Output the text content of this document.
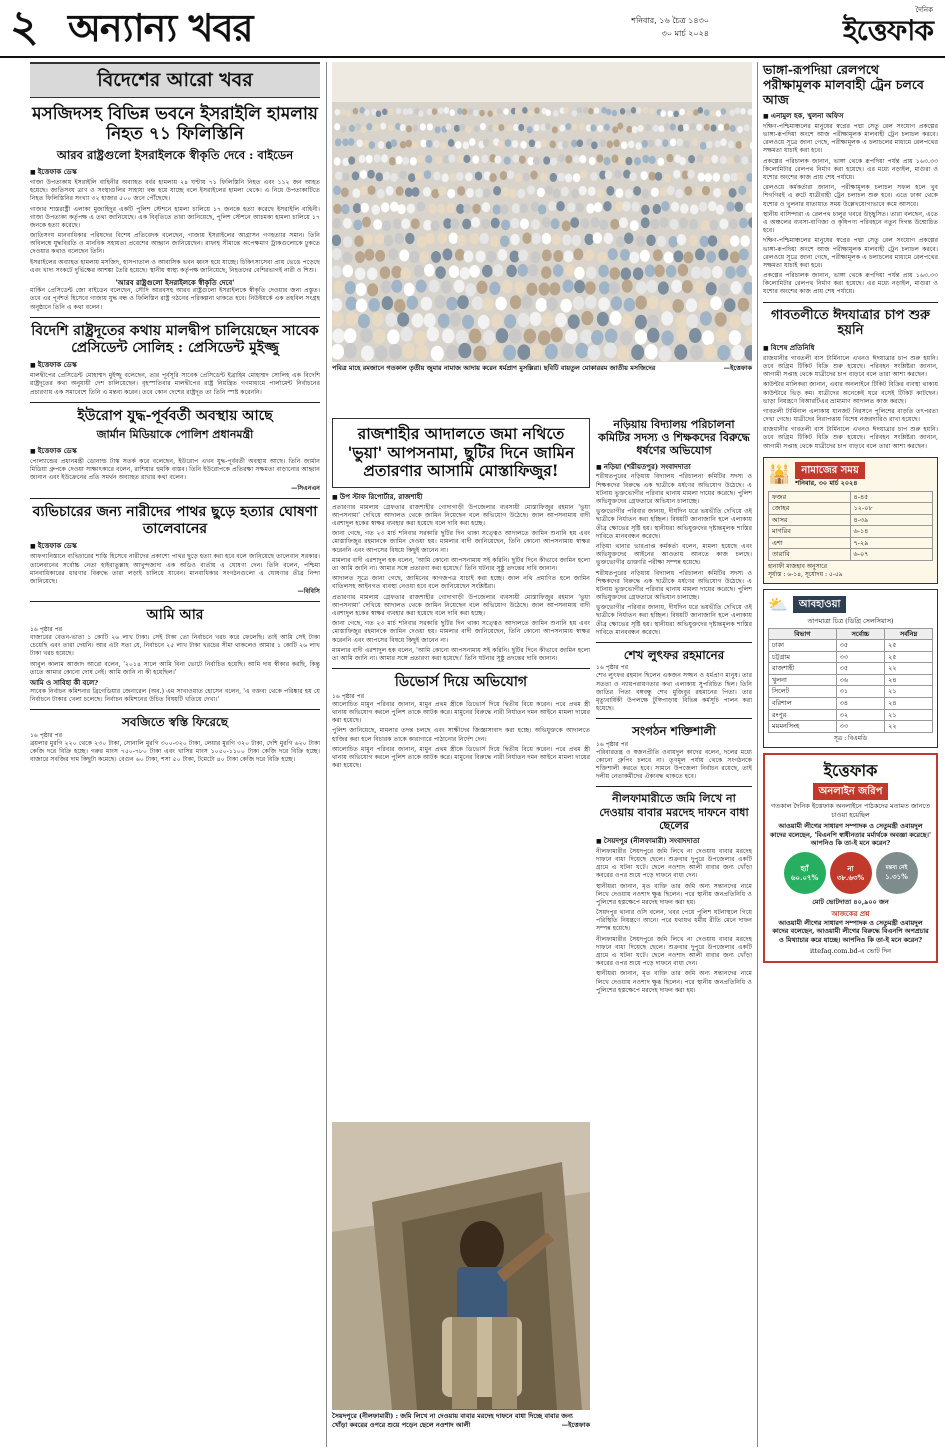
২ অন্যান্য খবর	শনিবার, ১৬ চৈত্র ১৪৩০
৩০ মার্চ ২০২৪
দৈনিক
ইত্তেফাক
বিদেশের আরো খবর
মসজিদসহ বিভিন্ন ভবনে ইসরাইলি হামলায় নিহত ৭১ ফিলিস্তিনি
আরব রাষ্ট্রগুলো ইসরাইলকে স্বীকৃতি দেবে : বাইডেন
■ ইত্তেফাক ডেস্ক

গাজা উপত্যকায় ইসরাইলি বাহিনীর অব্যাহত বর্বর হামলায় ২৪ ঘণ্টায় ৭১ ফিলিস্তিনি নিহত এবং ১১২ জন আহত হয়েছে। জাতিসংঘ ত্রাণ ও সংস্থাগুলির সাহায্য বন্ধ হয়ে যাচ্ছে বলে ইসরাইলের হামলা থেকে। এ নিয়ে উপত্যকাটিতে নিহত ফিলিস্তিনির সংখ্যা ৩২ হাজার ৫০০ জনে পৌঁছেছে।

গাজার শাস্তরাষ্ট্রী এলাকা মুজাহিদুর একটি পুলিশ স্টেশনে হামলা চালিয়ে ১৭ জনকে হত্যা করেছে ইসরাইলি বাহিনী। গাজা উপত্যকা কর্তৃপক্ষ এ তথ্য জানিয়েছে। এক বিবৃতিতে তারা জানিয়েছে, পুলিশ স্টেশনে আচমকা হামলা চালিয়ে ১৭ জনকে হত্যা করেছে।

জাতিসংঘ মানবাধিকার পরিষদের বিশেষ প্রতিবেদক বলেছেন, গাজায় ইসরাইলের আগ্রাসন গণহত্যার সমান। তিনি অবিলম্বে যুদ্ধবিরতি ও মানবিক সহায়তা প্রবেশের আহ্বান জানিয়েছেন। রাফাহ সীমান্তে অপেক্ষমাণ ট্রাকগুলোকে ঢুকতে দেওয়ার কথাও বলেছেন তিনি।

ইসরাইলের অব্যাহত হামলায় মসজিদ, হাসপাতাল ও আবাসিক ভবন ধ্বংস হয়ে যাচ্ছে। চিকিৎসাসেবা প্রায় ভেঙে পড়েছে এবং খাদ্য সংকটে দুর্ভিক্ষের আশঙ্কা তৈরি হয়েছে। স্থানীয় স্বাস্থ্য কর্তৃপক্ষ জানিয়েছে, নিহতদের বেশিরভাগই নারী ও শিশু।

'আরব রাষ্ট্রগুলো ইসরাইলকে স্বীকৃতি দেবে'

মার্কিন প্রেসিডেন্ট জো বাইডেন বলেছেন, সৌদি আরবসহ আরব রাষ্ট্রগুলো ইসরাইলকে স্বীকৃতি দেওয়ার জন্য প্রস্তুত। তবে এর পূর্বশর্ত হিসেবে গাজায় যুদ্ধ বন্ধ ও ফিলিস্তিন রাষ্ট্র গঠনের পরিকল্পনা থাকতে হবে। নিউইয়র্কে এক তহবিল সংগ্রহ অনুষ্ঠানে তিনি এ কথা বলেন।

বিদেশি রাষ্ট্রদূতের কথায় মালদ্বীপ চালিয়েছেন সাবেক প্রেসিডেন্ট সোলিহ : প্রেসিডেন্ট মুইজ্জু
■ ইত্তেফাক ডেস্ক

মালদ্বীপের প্রেসিডেন্ট মোহাম্মদ মুইজ্জু বলেছেন, তার পূর্বসূরি সাবেক প্রেসিডেন্ট ইব্রাহিম মোহাম্মদ সোলিহ এক বিদেশি রাষ্ট্রদূতের কথা অনুযায়ী দেশ চালিয়েছেন। বৃহস্পতিবার মালদ্বীপের রাষ্ট্র নিয়ন্ত্রিত গণমাধ্যমে পার্লামেন্ট নির্বাচনের প্রচারণায় এক সমাবেশে তিনি এ মন্তব্য করেন। তবে কোন দেশের রাষ্ট্রদূত তা তিনি স্পষ্ট করেননি।

ইউরোপ যুদ্ধ-পূর্ববর্তী অবস্থায় আছে
জার্মান মিডিয়াকে পোলিশ প্রধানমন্ত্রী
■ ইত্তেফাক ডেস্ক

পোল্যান্ডের প্রধানমন্ত্রী ডোনাল্ড টাস্ক সতর্ক করে বলেছেন, ইউরোপ এখন যুদ্ধ-পূর্ববর্তী অবস্থায় আছে। তিনি জার্মান মিডিয়া গ্রুপকে দেওয়া সাক্ষাৎকারে বলেন, রাশিয়ার হুমকি বাস্তব। তিনি ইউরোপকে প্রতিরক্ষা সক্ষমতা বাড়ানোর আহ্বান জানান এবং ইউক্রেনের প্রতি সমর্থন অব্যাহত রাখার কথা বলেন।

—সিএনএন
ব্যভিচারের জন্য নারীদের পাথর ছুড়ে হত্যার ঘোষণা তালেবানের
■ ইত্তেফাক ডেস্ক

আফগানিস্তানে ব্যভিচারের শাস্তি হিসেবে নারীদের প্রকাশ্যে পাথর ছুড়ে হত্যা করা হবে বলে জানিয়েছে তালেবান সরকার। তালেবানের সর্বোচ্চ নেতা হাইবাতুল্লাহ আখুন্দজাদা এক অডিও বার্তায় এ ঘোষণা দেন। তিনি বলেন, পশ্চিমা মানবাধিকারের ধারণার বিরুদ্ধে তারা লড়াই চালিয়ে যাবেন। মানবাধিকার সংগঠনগুলো এ ঘোষণার তীব্র নিন্দা জানিয়েছে।

—বিবিসি
আমি আর
১৬ পৃষ্ঠার পর

বাজারের বেতন-ভাতা ১ কোটি ২৬ লাখ টাকা। সেই টাকা তো নির্বাচনে খরচ করে ফেলেছি। তাই আমি সেই টাকা চেয়েছি এবং তারা দেয়নি। আর এটা সত্য যে, নির্বাচনে ২৫ লাখ টাকা খরচের সীমা থাকলেও আমার ১ কোটি ২৬ লাখ টাকা খরচ হয়েছে।

আবুল কালাম আজাদ আরো বলেন, '২০১৪ সালে আমি বিনা ভোটে নির্বাচিত হয়েছি। আমি দায় স্বীকার করছি, কিন্তু তাতে আমার কোনো দোষ নেই। আমি জানি না কী হয়েছিল।'

আমি ও সাবিহা কী বলে?

সাবেক নির্বাচন কমিশনার ব্রিগেডিয়ার জেনারেল (অব.) এম সাখাওয়াত হোসেন বলেন, 'এ বক্তব্য থেকে পরিষ্কার হয় যে নির্বাচনে টাকার খেলা চলেছে। নির্বাচন কমিশনের উচিত বিষয়টি খতিয়ে দেখা।'

সবজিতে স্বস্তি ফিরেছে
১৬ পৃষ্ঠার পর

ব্রয়লার মুরগি ২২০ থেকে ২৩০ টাকা, সোনালি মুরগি ৩০০-৩২০ টাকা, লেয়ার মুরগি ৩২০ টাকা, দেশি মুরগি ৬২০ টাকা কেজি দরে বিক্রি হচ্ছে। গরুর মাংস ৭৫০-৭৮০ টাকা এবং খাসির মাংস ১০৫০-১১০০ টাকা কেজি দরে বিক্রি হচ্ছে। বাজারে সবজির দাম কিছুটা কমেছে। বেগুন ৬০ টাকা, শসা ৫০ টাকা, টমেটো ৪০ টাকা কেজি দরে বিক্রি হচ্ছে।

পবিত্র মাহে রমজানে গতকাল তৃতীয় জুমার নামাজ আদায় করেন ধর্মপ্রাণ মুসল্লিরা। ছবিটি বায়তুল মোকাররম জাতীয় মসজিদের	—ইত্তেফাক
রাজশাহীর আদালতে জমা নথিতে 'ভুয়া' আপসনামা, ছুটির দিনে জামিন প্রতারণার আসামি মোস্তাফিজুর!
■ উপ স্টাফ রিপোর্টার, রাজশাহী

প্রতারণার মামলায় গ্রেফতার রাজশাহীর গোদাগাড়ী উপজেলার ব্যবসায়ী মোস্তাফিজুর রহমান 'ভুয়া আপসনামা' দেখিয়ে আদালত থেকে জামিন নিয়েছেন বলে অভিযোগ উঠেছে। জাল আপসনামায় বাদী এরশাদুল হকের স্বাক্ষর ব্যবহার করা হয়েছে বলে দাবি করা হচ্ছে।

জানা গেছে, গত ২৩ মার্চ শনিবার সরকারি ছুটির দিন থাকা সত্ত্বেও আদালতে জামিন শুনানি হয় এবং মোস্তাফিজুর রহমানকে জামিন দেওয়া হয়। মামলার বাদী জানিয়েছেন, তিনি কোনো আপসনামায় স্বাক্ষর করেননি এবং আপসের বিষয়ে কিছুই জানেন না।

মামলার বাদী এরশাদুল হক বলেন, 'আমি কোনো আপসনামায় সই করিনি। ছুটির দিনে কীভাবে জামিন হলো তা আমি জানি না। আমার সঙ্গে প্রতারণা করা হয়েছে।' তিনি ঘটনার সুষ্ঠু তদন্তের দাবি জানান।

আদালত সূত্রে জানা গেছে, জামিনের কাগজপত্র যাচাই করা হচ্ছে। জাল নথি প্রমাণিত হলে জামিন বাতিলসহ আইনগত ব্যবস্থা নেওয়া হবে বলে জানিয়েছেন সংশ্লিষ্টরা।

প্রতারণার মামলায় গ্রেফতার রাজশাহীর গোদাগাড়ী উপজেলার ব্যবসায়ী মোস্তাফিজুর রহমান 'ভুয়া আপসনামা' দেখিয়ে আদালত থেকে জামিন নিয়েছেন বলে অভিযোগ উঠেছে। জাল আপসনামায় বাদী এরশাদুল হকের স্বাক্ষর ব্যবহার করা হয়েছে বলে দাবি করা হচ্ছে।

জানা গেছে, গত ২৩ মার্চ শনিবার সরকারি ছুটির দিন থাকা সত্ত্বেও আদালতে জামিন শুনানি হয় এবং মোস্তাফিজুর রহমানকে জামিন দেওয়া হয়। মামলার বাদী জানিয়েছেন, তিনি কোনো আপসনামায় স্বাক্ষর করেননি এবং আপসের বিষয়ে কিছুই জানেন না।

মামলার বাদী এরশাদুল হক বলেন, 'আমি কোনো আপসনামায় সই করিনি। ছুটির দিনে কীভাবে জামিন হলো তা আমি জানি না। আমার সঙ্গে প্রতারণা করা হয়েছে।' তিনি ঘটনার সুষ্ঠু তদন্তের দাবি জানান।

ডিভোর্স দিয়ে অভিযোগ
১৬ পৃষ্ঠার পর

আলোচিত মামুন পরিবার জানান, মামুন প্রথম স্ত্রীকে ডিভোর্স দিয়ে দ্বিতীয় বিয়ে করেন। পরে প্রথম স্ত্রী থানায় অভিযোগ করলে পুলিশ তাকে আটক করে। মামুনের বিরুদ্ধে নারী নির্যাতন দমন আইনে মামলা দায়ের করা হয়েছে।

পুলিশ জানিয়েছে, মামলার তদন্ত চলছে এবং সাক্ষীদের জিজ্ঞাসাবাদ করা হচ্ছে। অভিযুক্তকে আদালতে হাজির করা হলে বিচারক তাকে কারাগারে পাঠানোর নির্দেশ দেন।

আলোচিত মামুন পরিবার জানান, মামুন প্রথম স্ত্রীকে ডিভোর্স দিয়ে দ্বিতীয় বিয়ে করেন। পরে প্রথম স্ত্রী থানায় অভিযোগ করলে পুলিশ তাকে আটক করে। মামুনের বিরুদ্ধে নারী নির্যাতন দমন আইনে মামলা দায়ের করা হয়েছে।

সৈয়দপুরে (নীলফামারী) : জমি লিখে না দেওয়ায় বাবার মরদেহ দাফনে বাধা দিচ্ছে বাবার জন্য খোঁড়া কবরের ওপরে শুয়ে পড়েন ছেলে নওশাদ আলী	—ইত্তেফাক
নড়িয়ায় বিদ্যালয় পরিচালনা কমিটির সদস্য ও শিক্ষকদের বিরুদ্ধে ধর্ষণের অভিযোগ
■ নড়িয়া (শরীয়তপুর) সংবাদদাতা

শরীয়তপুরের নড়িয়ায় বিদ্যালয় পরিচালনা কমিটির সদস্য ও শিক্ষকদের বিরুদ্ধে এক ছাত্রীকে ধর্ষণের অভিযোগ উঠেছে। এ ঘটনায় ভুক্তভোগীর পরিবার থানায় মামলা দায়ের করেছে। পুলিশ অভিযুক্তদের গ্রেফতারে অভিযান চালাচ্ছে।

ভুক্তভোগীর পরিবার জানায়, দীর্ঘদিন ধরে ভয়ভীতি দেখিয়ে ওই ছাত্রীকে নির্যাতন করা হচ্ছিল। বিষয়টি জানাজানি হলে এলাকায় তীব্র ক্ষোভের সৃষ্টি হয়। স্থানীয়রা অভিযুক্তদের দৃষ্টান্তমূলক শাস্তির দাবিতে মানববন্ধন করেছে।

নড়িয়া থানার ভারপ্রাপ্ত কর্মকর্তা বলেন, মামলা হয়েছে এবং অভিযুক্তদের আইনের আওতায় আনতে কাজ চলছে। ভুক্তভোগীর ডাক্তারি পরীক্ষা সম্পন্ন হয়েছে।

শরীয়তপুরের নড়িয়ায় বিদ্যালয় পরিচালনা কমিটির সদস্য ও শিক্ষকদের বিরুদ্ধে এক ছাত্রীকে ধর্ষণের অভিযোগ উঠেছে। এ ঘটনায় ভুক্তভোগীর পরিবার থানায় মামলা দায়ের করেছে। পুলিশ অভিযুক্তদের গ্রেফতারে অভিযান চালাচ্ছে।

ভুক্তভোগীর পরিবার জানায়, দীর্ঘদিন ধরে ভয়ভীতি দেখিয়ে ওই ছাত্রীকে নির্যাতন করা হচ্ছিল। বিষয়টি জানাজানি হলে এলাকায় তীব্র ক্ষোভের সৃষ্টি হয়। স্থানীয়রা অভিযুক্তদের দৃষ্টান্তমূলক শাস্তির দাবিতে মানববন্ধন করেছে।

শেখ লুৎফর রহমানের
১৬ পৃষ্ঠার পর

শেখ লুৎফর রহমান ছিলেন একজন সজ্জন ও ধর্মপ্রাণ মানুষ। তার সততা ও ন্যায়পরায়ণতার কথা এলাকায় সুপরিচিত ছিল। তিনি জাতির পিতা বঙ্গবন্ধু শেখ মুজিবুর রহমানের পিতা। তার মৃত্যুবার্ষিকী উপলক্ষে টুঙ্গিপাড়ায় বিভিন্ন কর্মসূচি পালন করা হয়েছে।

সংগঠন শক্তিশালী
১৬ পৃষ্ঠার পর

পরিবারতন্ত্র ও স্বজনপ্রীতি ওবায়দুল কাদের বলেন, দলের মধ্যে কোনো গ্রুপিং চলবে না। তৃণমূল পর্যায় থেকে সংগঠনকে শক্তিশালী করতে হবে। সামনে উপজেলা নির্বাচন রয়েছে, তাই দলীয় নেতাকর্মীদের ঐক্যবদ্ধ থাকতে হবে।

নীলফামারীতে জমি লিখে না দেওয়ায় বাবার মরদেহ দাফনে বাধা ছেলের
■ সৈয়দপুর (নীলফামারী) সংবাদদাতা

নীলফামারীর সৈয়দপুরে জমি লিখে না দেওয়ায় বাবার মরদেহ দাফনে বাধা দিয়েছে ছেলে। শুক্রবার দুপুরে উপজেলার একটি গ্রামে এ ঘটনা ঘটে। ছেলে নওশাদ আলী বাবার জন্য খোঁড়া কবরের ওপর শুয়ে পড়ে দাফনে বাধা দেন।

স্থানীয়রা জানান, মৃত ব্যক্তি তার জমি অন্য সন্তানদের নামে লিখে দেওয়ায় নওশাদ ক্ষুব্ধ ছিলেন। পরে স্থানীয় জনপ্রতিনিধি ও পুলিশের হস্তক্ষেপে মরদেহ দাফন করা হয়।

সৈয়দপুর থানার ওসি বলেন, খবর পেয়ে পুলিশ ঘটনাস্থলে গিয়ে পরিস্থিতি নিয়ন্ত্রণে আনে। পরে যথাযথ ধর্মীয় রীতি মেনে দাফন সম্পন্ন হয়েছে।

নীলফামারীর সৈয়দপুরে জমি লিখে না দেওয়ায় বাবার মরদেহ দাফনে বাধা দিয়েছে ছেলে। শুক্রবার দুপুরে উপজেলার একটি গ্রামে এ ঘটনা ঘটে। ছেলে নওশাদ আলী বাবার জন্য খোঁড়া কবরের ওপর শুয়ে পড়ে দাফনে বাধা দেন।

স্থানীয়রা জানান, মৃত ব্যক্তি তার জমি অন্য সন্তানদের নামে লিখে দেওয়ায় নওশাদ ক্ষুব্ধ ছিলেন। পরে স্থানীয় জনপ্রতিনিধি ও পুলিশের হস্তক্ষেপে মরদেহ দাফন করা হয়।

ভাঙ্গা-রূপদিয়া রেলপথে পরীক্ষামূলক মালবাহী ট্রেন চলবে আজ
■ এনামুল হক, খুলনা অফিস

দক্ষিণ-পশ্চিমাঞ্চলের মানুষের স্বপ্নের পদ্মা সেতু রেল সংযোগ প্রকল্পের ভাঙ্গা-রূপদিয়া অংশে আজ পরীক্ষামূলক মালবাহী ট্রেন চলাচল করবে। রেলওয়ে সূত্রে জানা গেছে, পরীক্ষামূলক এ চলাচলের মাধ্যমে রেলপথের সক্ষমতা যাচাই করা হবে।

প্রকল্পের পরিচালক জানান, ভাঙ্গা থেকে রূপদিয়া পর্যন্ত প্রায় ১৬৩.৩৩ কিলোমিটার রেলপথ নির্মাণ করা হয়েছে। এর মধ্যে নড়াইল, মাগুরা ও যশোর অংশের কাজ প্রায় শেষ পর্যায়ে।

রেলওয়ে কর্মকর্তারা জানান, পরীক্ষামূলক চলাচল সফল হলে খুব শিগগিরই এ রুটে যাত্রীবাহী ট্রেন চলাচল শুরু হবে। এতে ঢাকা থেকে যশোর ও খুলনার যাতায়াত সময় উল্লেখযোগ্যভাবে কমে আসবে।

স্থানীয় বাসিন্দারা এ রেলপথ চালুর খবরে উচ্ছ্বসিত। তারা বলছেন, এতে এ অঞ্চলের ব্যবসা-বাণিজ্য ও কৃষিপণ্য পরিবহনে নতুন দিগন্ত উন্মোচিত হবে।

দক্ষিণ-পশ্চিমাঞ্চলের মানুষের স্বপ্নের পদ্মা সেতু রেল সংযোগ প্রকল্পের ভাঙ্গা-রূপদিয়া অংশে আজ পরীক্ষামূলক মালবাহী ট্রেন চলাচল করবে। রেলওয়ে সূত্রে জানা গেছে, পরীক্ষামূলক এ চলাচলের মাধ্যমে রেলপথের সক্ষমতা যাচাই করা হবে।

প্রকল্পের পরিচালক জানান, ভাঙ্গা থেকে রূপদিয়া পর্যন্ত প্রায় ১৬৩.৩৩ কিলোমিটার রেলপথ নির্মাণ করা হয়েছে। এর মধ্যে নড়াইল, মাগুরা ও যশোর অংশের কাজ প্রায় শেষ পর্যায়ে।

গাবতলীতে ঈদযাত্রার চাপ শুরু হয়নি
■ বিশেষ প্রতিনিধি

রাজধানীর গাবতলী বাস টার্মিনালে এখনও ঈদযাত্রার চাপ শুরু হয়নি। তবে অগ্রিম টিকিট বিক্রি শুরু হয়েছে। পরিবহন সংশ্লিষ্টরা জানান, আগামী সপ্তাহ থেকে যাত্রীদের চাপ বাড়বে বলে তারা আশা করছেন।

কাউন্টার মালিকরা জানান, এবার অনলাইনে টিকিট বিক্রির ব্যবস্থা থাকায় কাউন্টারে ভিড় কম। যাত্রীদের অনেকেই ঘরে বসেই টিকিট কাটছেন। ভাড়া নিয়ন্ত্রণে বিআরটিএর ভ্রাম্যমাণ আদালত কাজ করছে।

গাবতলী টার্মিনাল এলাকায় যানজট নিরসনে পুলিশের বাড়তি তৎপরতা দেখা গেছে। যাত্রীদের নিরাপত্তায় বিশেষ নজরদারিও রাখা হয়েছে।

রাজধানীর গাবতলী বাস টার্মিনালে এখনও ঈদযাত্রার চাপ শুরু হয়নি। তবে অগ্রিম টিকিট বিক্রি শুরু হয়েছে। পরিবহন সংশ্লিষ্টরা জানান, আগামী সপ্তাহ থেকে যাত্রীদের চাপ বাড়বে বলে তারা আশা করছেন।

🕌	নামাজের সময়
শনিবার, ৩০ মার্চ ২০২৪
ফজর	৪-৪৫
জোহর	১২-০৮
আসর	৪-৩৯
মাগরিব	৬-১৪
এশা	৭-২৯
তারাবি	৬-০৭
হানাফী মাজহাব অনুসারে
সূর্যাস্ত : ৬-১৪, সূর্যোদয় : ৫-৫৯
⛅	আবহাওয়া
তাপমাত্রা চিত্র (ডিগ্রি সেলসিয়াস)
বিভাগ	সর্বোচ্চ	সর্বনিম্ন
ঢাকা	৩৫	২৫
চট্টগ্রাম	৩৩	২৫
রাজশাহী	৩৫	২২
খুলনা	৩৬	২৪
সিলেট	৩১	২১
বরিশাল	৩৪	২৪
রংপুর	৩২	২১
ময়মনসিংহ	৩৩	২২
সূত্র : বিএমডি
ইত্তেফাক
অনলাইন জরিপ
গতকাল দৈনিক ইত্তেফাক অনলাইনে পাঠকদের মতামত জানতে চাওয়া হয়েছিল
আওয়ামী লীগের সাধারণ সম্পাদক ও সেতুমন্ত্রী ওবায়দুল কাদের বলেছেন, 'বিএনপি স্বাধীনতার মর্মার্থকে অবজ্ঞা করেছে।' আপনিও কি তা-ই মনে করেন?
হ্যাঁ
৬০.০৭%
না
৩৮.৬৩%
মন্তব্য নেই
১.৩১%
মোট ভোটদাতা ৪০,৯০০ জন
আজকের প্রশ্ন
আওয়ামী লীগের সাধারণ সম্পাদক ও সেতুমন্ত্রী ওবায়দুল কাদের বলেছেন, আওয়ামী লীগের বিরুদ্ধে বিএনপি অপপ্রচার ও মিথ্যাচার করে যাচ্ছে। আপনিও কি তা-ই মনে করেন?
ittefaq.com.bd-এ ভোট দিন
